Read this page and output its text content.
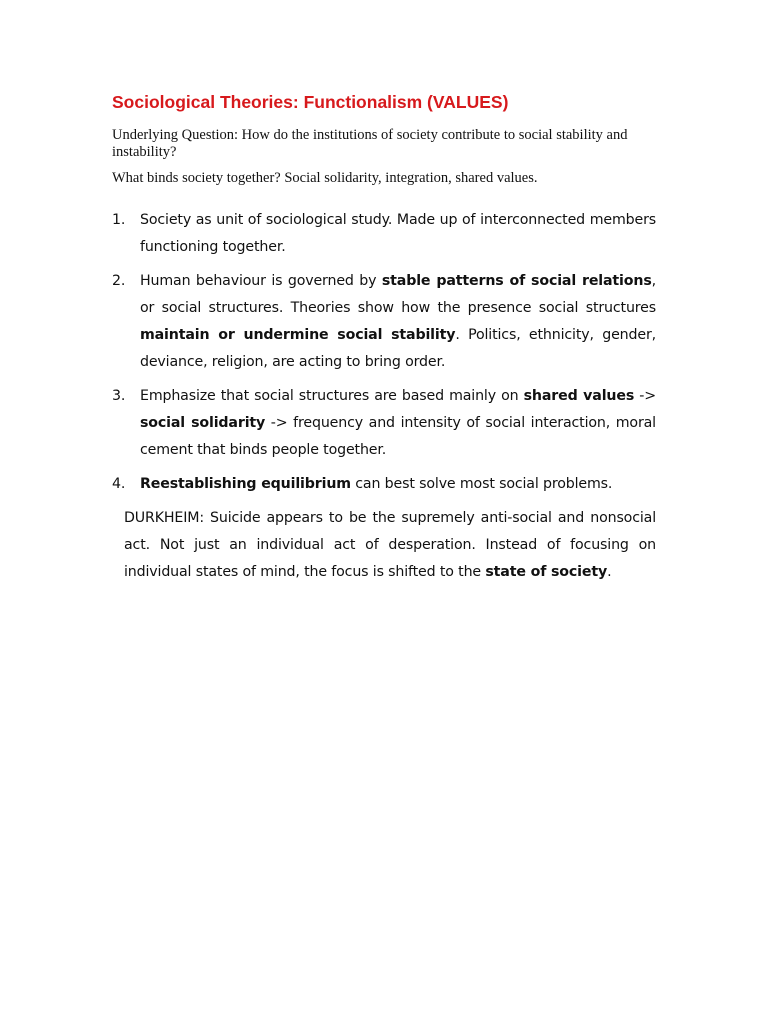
Sociological Theories: Functionalism (VALUES)

Underlying Question: How do the institutions of society contribute to social stability and instability?

What binds society together? Social solidarity, integration, shared values.

1. Society as unit of sociological study. Made up of interconnected members functioning together.
2. Human behaviour is governed by stable patterns of social relations, or social structures. Theories show how the presence social structures maintain or undermine social stability. Politics, ethnicity, gender, deviance, religion, are acting to bring order.
3. Emphasize that social structures are based mainly on shared values -> social solidarity -> frequency and intensity of social interaction, moral cement that binds people together.
4. Reestablishing equilibrium can best solve most social problems.

DURKHEIM: Suicide appears to be the supremely anti-social and nonsocial act. Not just an individual act of desperation. Instead of focusing on individual states of mind, the focus is shifted to the state of society.
